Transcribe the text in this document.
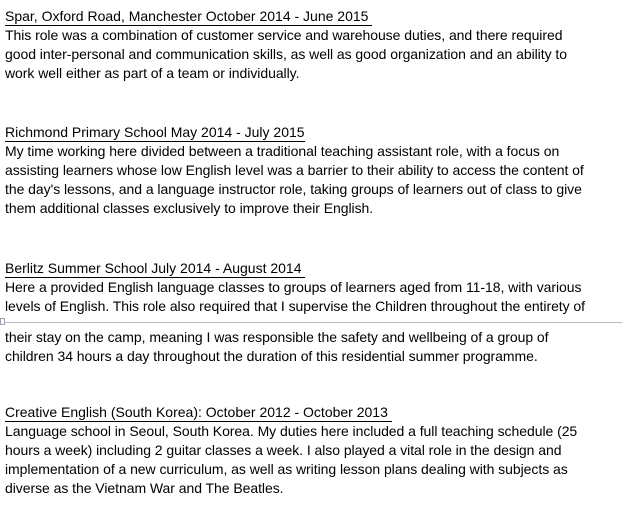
Spar, Oxford Road, Manchester October 2014 - June 2015
This role was a combination of customer service and warehouse duties, and there required
good inter-personal and communication skills, as well as good organization and an ability to
work well either as part of a team or individually.
Richmond Primary School May 2014 - July 2015
My time working here divided between a traditional teaching assistant role, with a focus on
assisting learners whose low English level was a barrier to their ability to access the content of
the day's lessons, and a language instructor role, taking groups of learners out of class to give
them additional classes exclusively to improve their English.
Berlitz Summer School July 2014 - August 2014
Here a provided English language classes to groups of learners aged from 11-18, with various
levels of English. This role also required that I supervise the Children throughout the entirety of
their stay on the camp, meaning I was responsible the safety and wellbeing of a group of
children 34 hours a day throughout the duration of this residential summer programme.
Creative English (South Korea): October 2012 - October 2013
Language school in Seoul, South Korea. My duties here included a full teaching schedule (25
hours a week) including 2 guitar classes a week. I also played a vital role in the design and
implementation of a new curriculum, as well as writing lesson plans dealing with subjects as
diverse as the Vietnam War and The Beatles.
